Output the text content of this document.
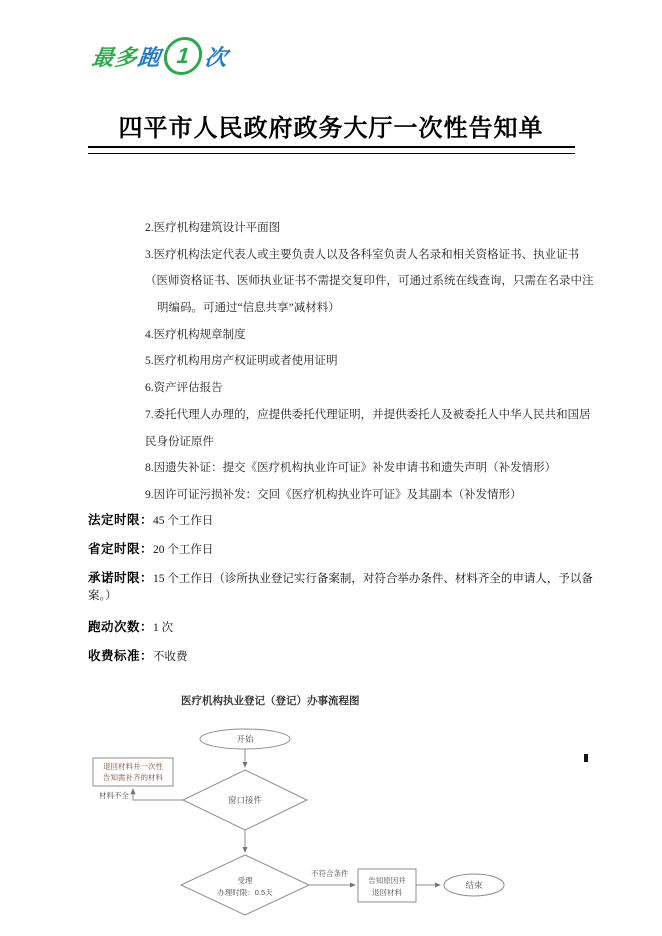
最多
跑 1 次
四平市人民政府政务大厅一次性告知单
2.医疗机构建筑设计平面图
3.医疗机构法定代表人或主要负责人以及各科室负责人名录和相关资格证书、执业证书
（医师资格证书、医师执业证书不需提交复印件，可通过系统在线查询，只需在名录中注
明编码。可通过“信息共享”减材料）
4.医疗机构规章制度
5.医疗机构用房产权证明或者使用证明
6.资产评估报告
7.委托代理人办理的，应提供委托代理证明，并提供委托人及被委托人中华人民共和国居
民身份证原件
8.因遗失补证：提交《医疗机构执业许可证》补发申请书和遗失声明（补发情形）
9.因许可证污损补发：交回《医疗机构执业许可证》及其副本（补发情形）

法定时限：45 个工作日

省定时限：20 个工作日

承诺时限：15 个工作日（诊所执业登记实行备案制，对符合举办条件、材料齐全的申请人，予以备
案。）

跑动次数：1 次

收费标准：不收费

医疗机构执业登记（登记）办事流程图
开始
窗口接件
退回材料并一次性
告知需补齐的材料
材料不全
受理
办理时限：0.5天
不符合条件
告知原因并
退回材料
结束
